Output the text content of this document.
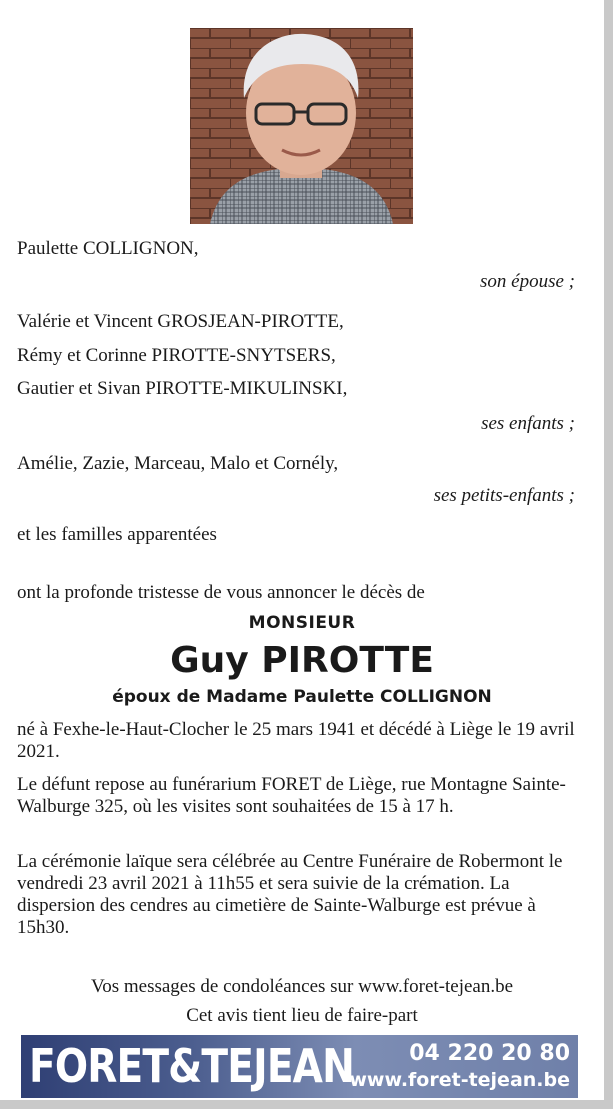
Paulette COLLIGNON,
son épouse ;
Valérie et Vincent GROSJEAN-PIROTTE,
Rémy et Corinne PIROTTE-SNYTSERS,
Gautier et Sivan PIROTTE-MIKULINSKI,
ses enfants ;
Amélie, Zazie, Marceau, Malo et Cornély,
ses petits-enfants ;
et les familles apparentées
ont la profonde tristesse de vous annoncer le décès de
MONSIEUR
Guy PIROTTE
époux de Madame Paulette COLLIGNON
né à Fexhe-le-Haut-Clocher le 25 mars 1941 et décédé à Liège le 19 avril 2021.
Le défunt repose au funérarium FORET de Liège, rue Montagne Sainte-Walburge 325, où les visites sont souhaitées de 15 à 17 h.
La cérémonie laïque sera célébrée au Centre Funéraire de Robermont le vendredi 23 avril 2021 à 11h55 et sera suivie de la crémation. La dispersion des cendres au cimetière de Sainte-Walburge est prévue à 15h30.
Vos messages de condoléances sur www.foret-tejean.be
Cet avis tient lieu de faire-part
FORET&TEJEAN	04 220 20 80
www.foret-tejean.be
